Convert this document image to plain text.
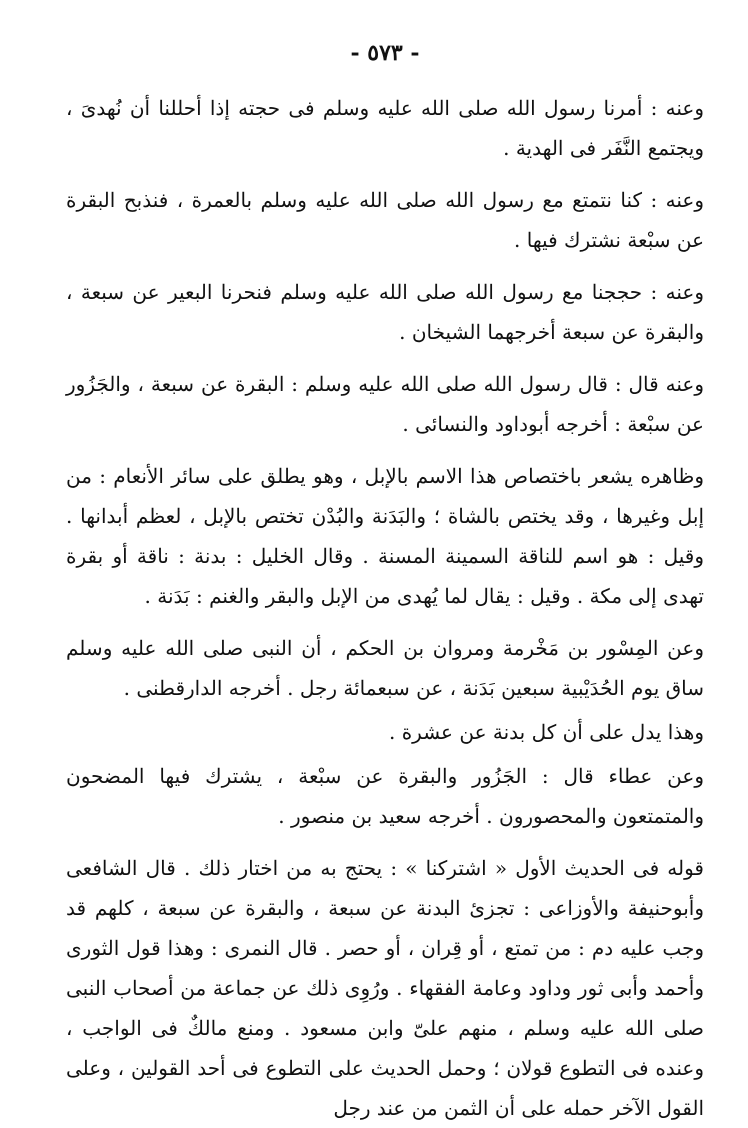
- ٥٧٣ -

وعنه : أمرنا رسول الله صلى الله عليه وسلم فى حجته إذا أحللنا أن نُهدىَ ، ويجتمع النَّفَر فى الهدية .

وعنه : كنا نتمتع مع رسول الله صلى الله عليه وسلم بالعمرة ، فنذبح البقرة عن سبْعة نشترك فيها .

وعنه : حججنا مع رسول الله صلى الله عليه وسلم فنحرنا البعير عن سبعة ، والبقرة عن سبعة أخرجهما الشيخان .

وعنه قال : قال رسول الله صلى الله عليه وسلم : البقرة عن سبعة ، والجَزُور عن سبْعة : أخرجه أبوداود والنسائى .

وظاهره يشعر باختصاص هذا الاسم بالإبل ، وهو يطلق على سائر الأنعام : من إبل وغيرها ، وقد يختص بالشاة ؛ والبَدَنة والبُدْن تختص بالإبل ، لعظم أبدانها . وقيل : هو اسم للناقة السمينة المسنة . وقال الخليل : بدنة : ناقة أو بقرة تهدى إلى مكة . وقيل : يقال لما يُهدى من الإبل والبقر والغنم : بَدَنة .

وعن المِسْور بن مَخْرمة ومروان بن الحكم ، أن النبى صلى الله عليه وسلم ساق يوم الحُدَيْبية سبعين بَدَنة ، عن سبعمائة رجل . أخرجه الدارقطنى .

وهذا يدل على أن كل بدنة عن عشرة .

وعن عطاء قال : الجَزُور والبقرة عن سبْعة ، يشترك فيها المضحون والمتمتعون والمحصورون . أخرجه سعيد بن منصور .

قوله فى الحديث الأول « اشتركنا » : يحتج به من اختار ذلك . قال الشافعى وأبوحنيفة والأوزاعى : تجزئ البدنة عن سبعة ، والبقرة عن سبعة ، كلهم قد وجب عليه دم : من تمتع ، أو قِران ، أو حصر . قال النمرى : وهذا قول الثورى وأحمد وأبى ثور وداود وعامة الفقهاء . ورُوِى ذلك عن جماعة من أصحاب النبى صلى الله عليه وسلم ، منهم علىّ وابن مسعود . ومنع مالكٌ فى الواجب ، وعنده فى التطوع قولان ؛ وحمل الحديث على التطوع فى أحد القولين ، وعلى القول الآخر حمله على أن الثمن من عند رجل
